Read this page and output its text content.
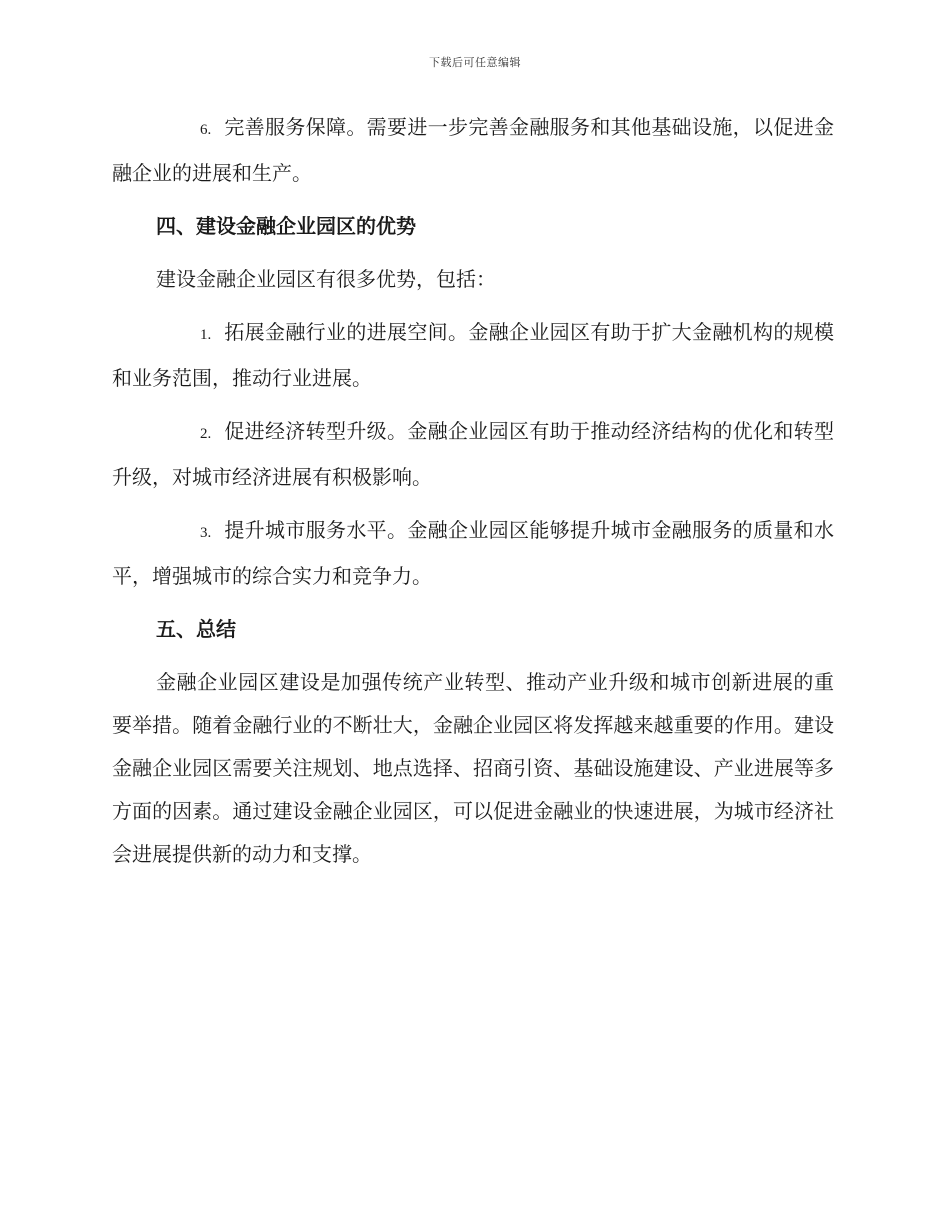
下载后可任意编辑

6. 完善服务保障。需要进一步完善金融服务和其他基础设施，以促进金融企业的进展和生产。

四、建设金融企业园区的优势

建设金融企业园区有很多优势，包括：

1. 拓展金融行业的进展空间。金融企业园区有助于扩大金融机构的规模和业务范围，推动行业进展。

2. 促进经济转型升级。金融企业园区有助于推动经济结构的优化和转型升级，对城市经济进展有积极影响。

3. 提升城市服务水平。金融企业园区能够提升城市金融服务的质量和水平，增强城市的综合实力和竞争力。

五、总结

金融企业园区建设是加强传统产业转型、推动产业升级和城市创新进展的重要举措。随着金融行业的不断壮大，金融企业园区将发挥越来越重要的作用。建设金融企业园区需要关注规划、地点选择、招商引资、基础设施建设、产业进展等多方面的因素。通过建设金融企业园区，可以促进金融业的快速进展，为城市经济社会进展提供新的动力和支撑。
